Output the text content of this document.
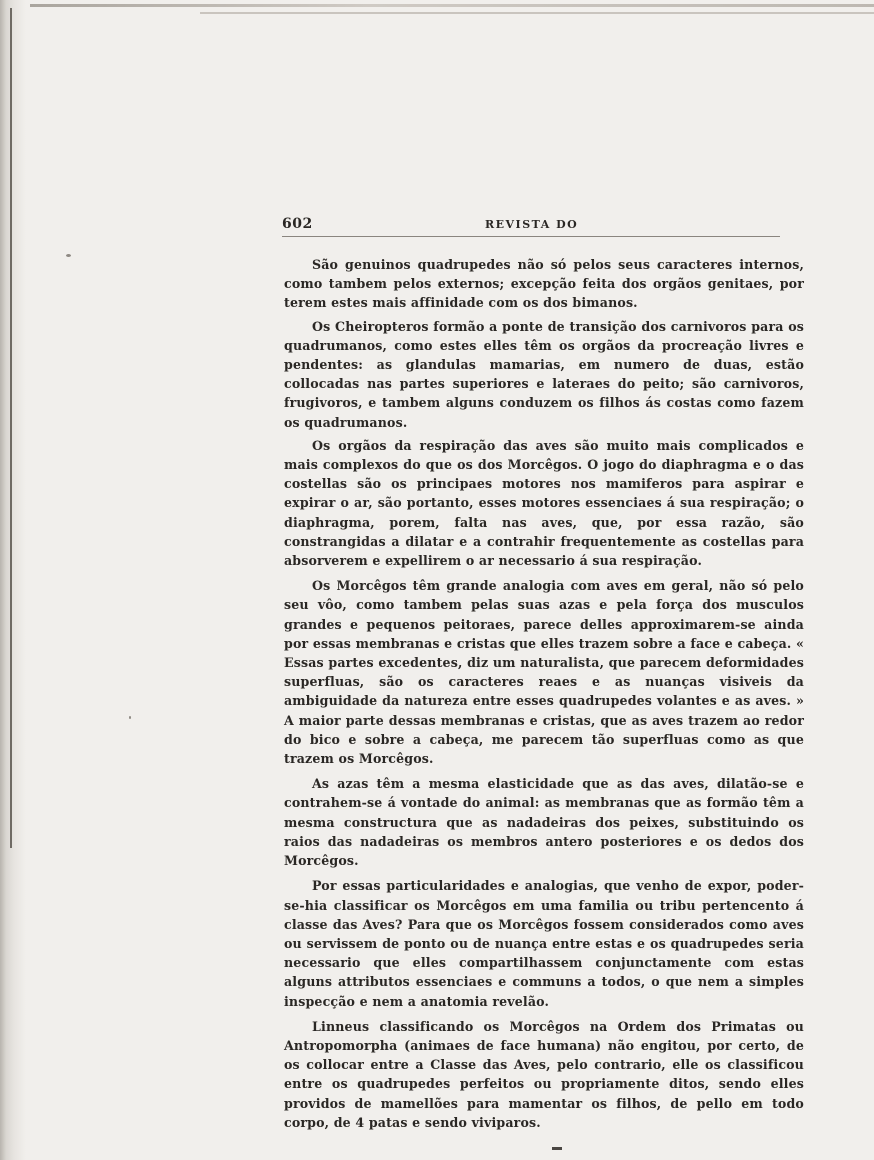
602	REVISTA DO

São genuinos quadrupedes não só pelos seus caracteres internos, como tambem pelos externos; excepção feita dos orgãos genitaes, por terem estes mais affinidade com os dos bimanos.

Os Cheiropteros formão a ponte de transição dos carnivoros para os quadrumanos, como estes elles têm os orgãos da procreação livres e pendentes: as glandulas mamarias, em numero de duas, estão collocadas nas partes superiores e lateraes do peito; são carnivoros, frugivoros, e tambem alguns conduzem os filhos ás costas como fazem os quadrumanos.

Os orgãos da respiração das aves são muito mais complicados e mais complexos do que os dos Morcêgos. O jogo do diaphragma e o das costellas são os principaes motores nos mamiferos para aspirar e expirar o ar, são portanto, esses motores essenciaes á sua respiração; o diaphragma, porem, falta nas aves, que, por essa razão, são constrangidas a dilatar e a contrahir frequentemente as costellas para absorverem e expellirem o ar necessario á sua respiração.

Os Morcêgos têm grande analogia com aves em geral, não só pelo seu vôo, como tambem pelas suas azas e pela força dos musculos grandes e pequenos peitoraes, parece delles approximarem-se ainda por essas membranas e cristas que elles trazem sobre a face e cabeça. « Essas partes excedentes, diz um naturalista, que parecem deformidades superfluas, são os caracteres reaes e as nuanças visiveis da ambiguidade da natureza entre esses quadrupedes volantes e as aves. » A maior parte dessas membranas e cristas, que as aves trazem ao redor do bico e sobre a cabeça, me parecem tão superfluas como as que trazem os Morcêgos.

As azas têm a mesma elasticidade que as das aves, dilatão-se e contrahem-se á vontade do animal: as membranas que as formão têm a mesma constructura que as nadadeiras dos peixes, substituindo os raios das nadadeiras os membros antero posteriores e os dedos dos Morcêgos.

Por essas particularidades e analogias, que venho de expor, poder-se-hia classificar os Morcêgos em uma familia ou tribu pertencento á classe das Aves? Para que os Morcêgos fossem considerados como aves ou servissem de ponto ou de nuança entre estas e os quadrupedes seria necessario que elles compartilhassem conjunctamente com estas alguns attributos essenciaes e communs a todos, o que nem a simples inspecção e nem a anatomia revelão.

Linneus classificando os Morcêgos na Ordem dos Primatas ou Antropomorpha (animaes de face humana) não engitou, por certo, de os collocar entre a Classe das Aves, pelo contrario, elle os classificou entre os quadrupedes perfeitos ou propriamente ditos, sendo elles providos de mamellões para mamentar os filhos, de pello em todo corpo, de 4 patas e sendo viviparos.
